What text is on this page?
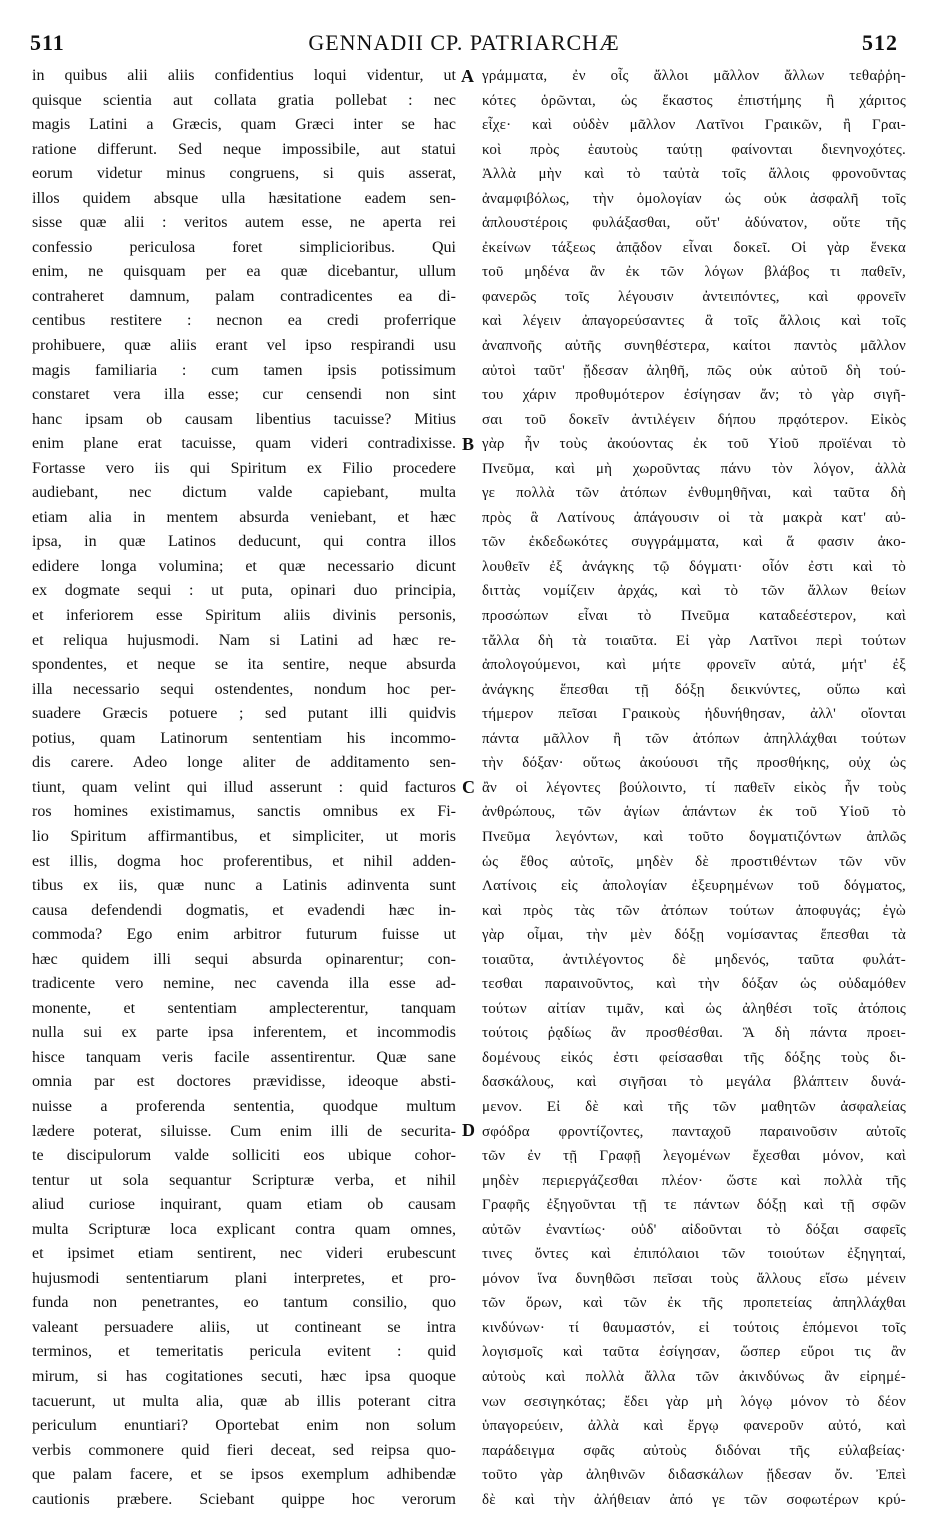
511	GENNADII CP. PATRIARCHÆ	512
in quibus alii aliis confidentius loqui videntur, ut
quisque scientia aut collata gratia pollebat : nec
magis Latini a Græcis, quam Græci inter se hac
ratione differunt. Sed neque impossibile, aut statui
eorum videtur minus congruens, si quis asserat,
illos quidem absque ulla hæsitatione eadem sen-
sisse quæ alii : veritos autem esse, ne aperta rei
confessio periculosa foret simplicioribus. Qui
enim, ne quisquam per ea quæ dicebantur, ullum
contraheret damnum, palam contradicentes ea di-
centibus restitere : necnon ea credi proferrique
prohibuere, quæ aliis erant vel ipso respirandi usu
magis familiaria : cum tamen ipsis potissimum
constaret vera illa esse; cur censendi non sint
hanc ipsam ob causam libentius tacuisse? Mitius
enim plane erat tacuisse, quam videri contradixisse.
Fortasse vero iis qui Spiritum ex Filio procedere
audiebant, nec dictum valde capiebant, multa
etiam alia in mentem absurda veniebant, et hæc
ipsa, in quæ Latinos deducunt, qui contra illos
edidere longa volumina; et quæ necessario dicunt
ex dogmate sequi : ut puta, opinari duo principia,
et inferiorem esse Spiritum aliis divinis personis,
et reliqua hujusmodi. Nam si Latini ad hæc re-
spondentes, et neque se ita sentire, neque absurda
illa necessario sequi ostendentes, nondum hoc per-
suadere Græcis potuere ; sed putant illi quidvis
potius, quam Latinorum sententiam his incommo-
dis carere. Adeo longe aliter de additamento sen-
tiunt, quam velint qui illud asserunt : quid facturos
ros homines existimamus, sanctis omnibus ex Fi-
lio Spiritum affirmantibus, et simpliciter, ut moris
est illis, dogma hoc proferentibus, et nihil adden-
tibus ex iis, quæ nunc a Latinis adinventa sunt
causa defendendi dogmatis, et evadendi hæc in-
commoda? Ego enim arbitror futurum fuisse ut
hæc quidem illi sequi absurda opinarentur; con-
tradicente vero nemine, nec cavenda illa esse ad-
monente, et sententiam amplecterentur, tanquam
nulla sui ex parte ipsa inferentem, et incommodis
hisce tanquam veris facile assentirentur. Quæ sane
omnia par est doctores prævidisse, ideoque absti-
nuisse a proferenda sententia, quodque multum
lædere poterat, siluisse. Cum enim illi de securita-
te discipulorum valde solliciti eos ubique cohor-
tentur ut sola sequantur Scripturæ verba, et nihil
aliud curiose inquirant, quam etiam ob causam
multa Scripturæ loca explicant contra quam omnes,
et ipsimet etiam sentirent, nec videri erubescunt
hujusmodi sententiarum plani interpretes, et pro-
funda non penetrantes, eo tantum consilio, quo
valeant persuadere aliis, ut contineant se intra
terminos, et temeritatis pericula evitent : quid
mirum, si has cogitationes secuti, hæc ipsa quoque
tacuerunt, ut multa alia, quæ ab illis poterant citra
periculum enuntiari? Oportebat enim non solum
verbis commonere quid fieri deceat, sed reipsa quo-
que palam facere, et se ipsos exemplum adhibendæ
cautionis præbere. Sciebant quippe hoc verorum
γράμματα, ἐν οἷς ἄλλοι μᾶλλον ἄλλων τεθαῤῥη-
κότες ὁρῶνται, ὡς ἕκαστος ἐπιστήμης ἢ χάριτος
εἶχε· καὶ οὐδὲν μᾶλλον Λατῖνοι Γραικῶν, ἢ Γραι-
κοὶ πρὸς ἑαυτοὺς ταύτῃ φαίνονται διενηνοχότες.
Ἀλλὰ μὴν καὶ τὸ ταὐτὰ τοῖς ἄλλοις φρονοῦντας
ἀναμφιβόλως, τὴν ὁμολογίαν ὡς οὐκ ἀσφαλῆ τοῖς
ἁπλουστέροις φυλάξασθαι, οὔτ' ἀδύνατον, οὔτε τῆς
ἐκείνων τάξεως ἀπᾷδον εἶναι δοκεῖ. Οἱ γὰρ ἕνεκα
τοῦ μηδένα ἂν ἐκ τῶν λόγων βλάβος τι παθεῖν,
φανερῶς τοῖς λέγουσιν ἀντειπόντες, καὶ φρονεῖν
καὶ λέγειν ἀπαγορεύσαντες ἃ τοῖς ἄλλοις καὶ τοῖς
ἀναπνοῆς αὐτῆς συνηθέστερα, καίτοι παντὸς μᾶλλον
αὐτοὶ ταῦτ' ᾔδεσαν ἀληθῆ, πῶς οὐκ αὐτοῦ δὴ τού-
του χάριν προθυμότερον ἐσίγησαν ἄν; τὸ γὰρ σιγῆ-
σαι τοῦ δοκεῖν ἀντιλέγειν δήπου πρᾳότερον. Εἰκὸς
γὰρ ἦν τοὺς ἀκούοντας ἐκ τοῦ Υἱοῦ προϊέναι τὸ
Πνεῦμα, καὶ μὴ χωροῦντας πάνυ τὸν λόγον, ἀλλὰ
γε πολλὰ τῶν ἀτόπων ἐνθυμηθῆναι, καὶ ταῦτα δὴ
πρὸς ἃ Λατίνους ἀπάγουσιν οἱ τὰ μακρὰ κατ' αὐ-
τῶν ἐκδεδωκότες συγγράμματα, καὶ ἅ φασιν ἀκο-
λουθεῖν ἐξ ἀνάγκης τῷ δόγματι· οἷόν ἐστι καὶ τὸ
διττὰς νομίζειν ἀρχάς, καὶ τὸ τῶν ἄλλων θείων
προσώπων εἶναι τὸ Πνεῦμα καταδεέστερον, καὶ
τἄλλα δὴ τὰ τοιαῦτα. Εἰ γὰρ Λατῖνοι περὶ τούτων
ἀπολογούμενοι, καὶ μήτε φρονεῖν αὐτά, μήτ' ἐξ
ἀνάγκης ἕπεσθαι τῇ δόξῃ δεικνύντες, οὔπω καὶ
τήμερον πεῖσαι Γραικοὺς ἠδυνήθησαν, ἀλλ' οἴονται
πάντα μᾶλλον ἢ τῶν ἀτόπων ἀπηλλάχθαι τούτων
τὴν δόξαν· οὕτως ἀκούουσι τῆς προσθήκης, οὐχ ὡς
ἂν οἱ λέγοντες βούλοιντο, τί παθεῖν εἰκὸς ἦν τοὺς
ἀνθρώπους, τῶν ἁγίων ἁπάντων ἐκ τοῦ Υἱοῦ τὸ
Πνεῦμα λεγόντων, καὶ τοῦτο δογματιζόντων ἁπλῶς
ὡς ἔθος αὐτοῖς, μηδὲν δὲ προστιθέντων τῶν νῦν
Λατίνοις εἰς ἀπολογίαν ἐξευρημένων τοῦ δόγματος,
καὶ πρὸς τὰς τῶν ἀτόπων τούτων ἀποφυγάς; ἐγὼ
γὰρ οἶμαι, τὴν μὲν δόξῃ νομίσαντας ἕπεσθαι τὰ
τοιαῦτα, ἀντιλέγοντος δὲ μηδενός, ταῦτα φυλάτ-
τεσθαι παραινοῦντος, καὶ τὴν δόξαν ὡς οὐδαμόθεν
τούτων αἰτίαν τιμᾶν, καὶ ὡς ἀληθέσι τοῖς ἀτόποις
τούτοις ῥᾳδίως ἂν προσθέσθαι. Ἃ δὴ πάντα προει-
δομένους εἰκός ἐστι φείσασθαι τῆς δόξης τοὺς δι-
δασκάλους, καὶ σιγῆσαι τὸ μεγάλα βλάπτειν δυνά-
μενον. Εἰ δὲ καὶ τῆς τῶν μαθητῶν ἀσφαλείας
σφόδρα φροντίζοντες, πανταχοῦ παραινοῦσιν αὐτοῖς
τῶν ἐν τῇ Γραφῇ λεγομένων ἔχεσθαι μόνον, καὶ
μηδὲν περιεργάζεσθαι πλέον· ὥστε καὶ πολλὰ τῆς
Γραφῆς ἐξηγοῦνται τῇ τε πάντων δόξῃ καὶ τῇ σφῶν
αὐτῶν ἐναντίως· οὐδ' αἰδοῦνται τὸ δόξαι σαφεῖς
τινες ὄντες καὶ ἐπιπόλαιοι τῶν τοιούτων ἐξηγηταί,
μόνον ἵνα δυνηθῶσι πεῖσαι τοὺς ἄλλους εἴσω μένειν
τῶν ὅρων, καὶ τῶν ἐκ τῆς προπετείας ἀπηλλάχθαι
κινδύνων· τί θαυμαστόν, εἰ τούτοις ἑπόμενοι τοῖς
λογισμοῖς καὶ ταῦτα ἐσίγησαν, ὥσπερ εὕροι τις ἂν
αὐτοὺς καὶ πολλὰ ἄλλα τῶν ἀκινδύνως ἂν εἰρημέ-
νων σεσιγηκότας; ἔδει γὰρ μὴ λόγῳ μόνον τὸ δέον
ὑπαγορεύειν, ἀλλὰ καὶ ἔργῳ φανεροῦν αὐτό, καὶ
παράδειγμα σφᾶς αὐτοὺς διδόναι τῆς εὐλαβείας·
τοῦτο γὰρ ἀληθινῶν διδασκάλων ᾔδεσαν ὄν. Ἐπεὶ
δὲ καὶ τὴν ἀλήθειαν ἀπό γε τῶν σοφωτέρων κρύ-
A
B
C
D
